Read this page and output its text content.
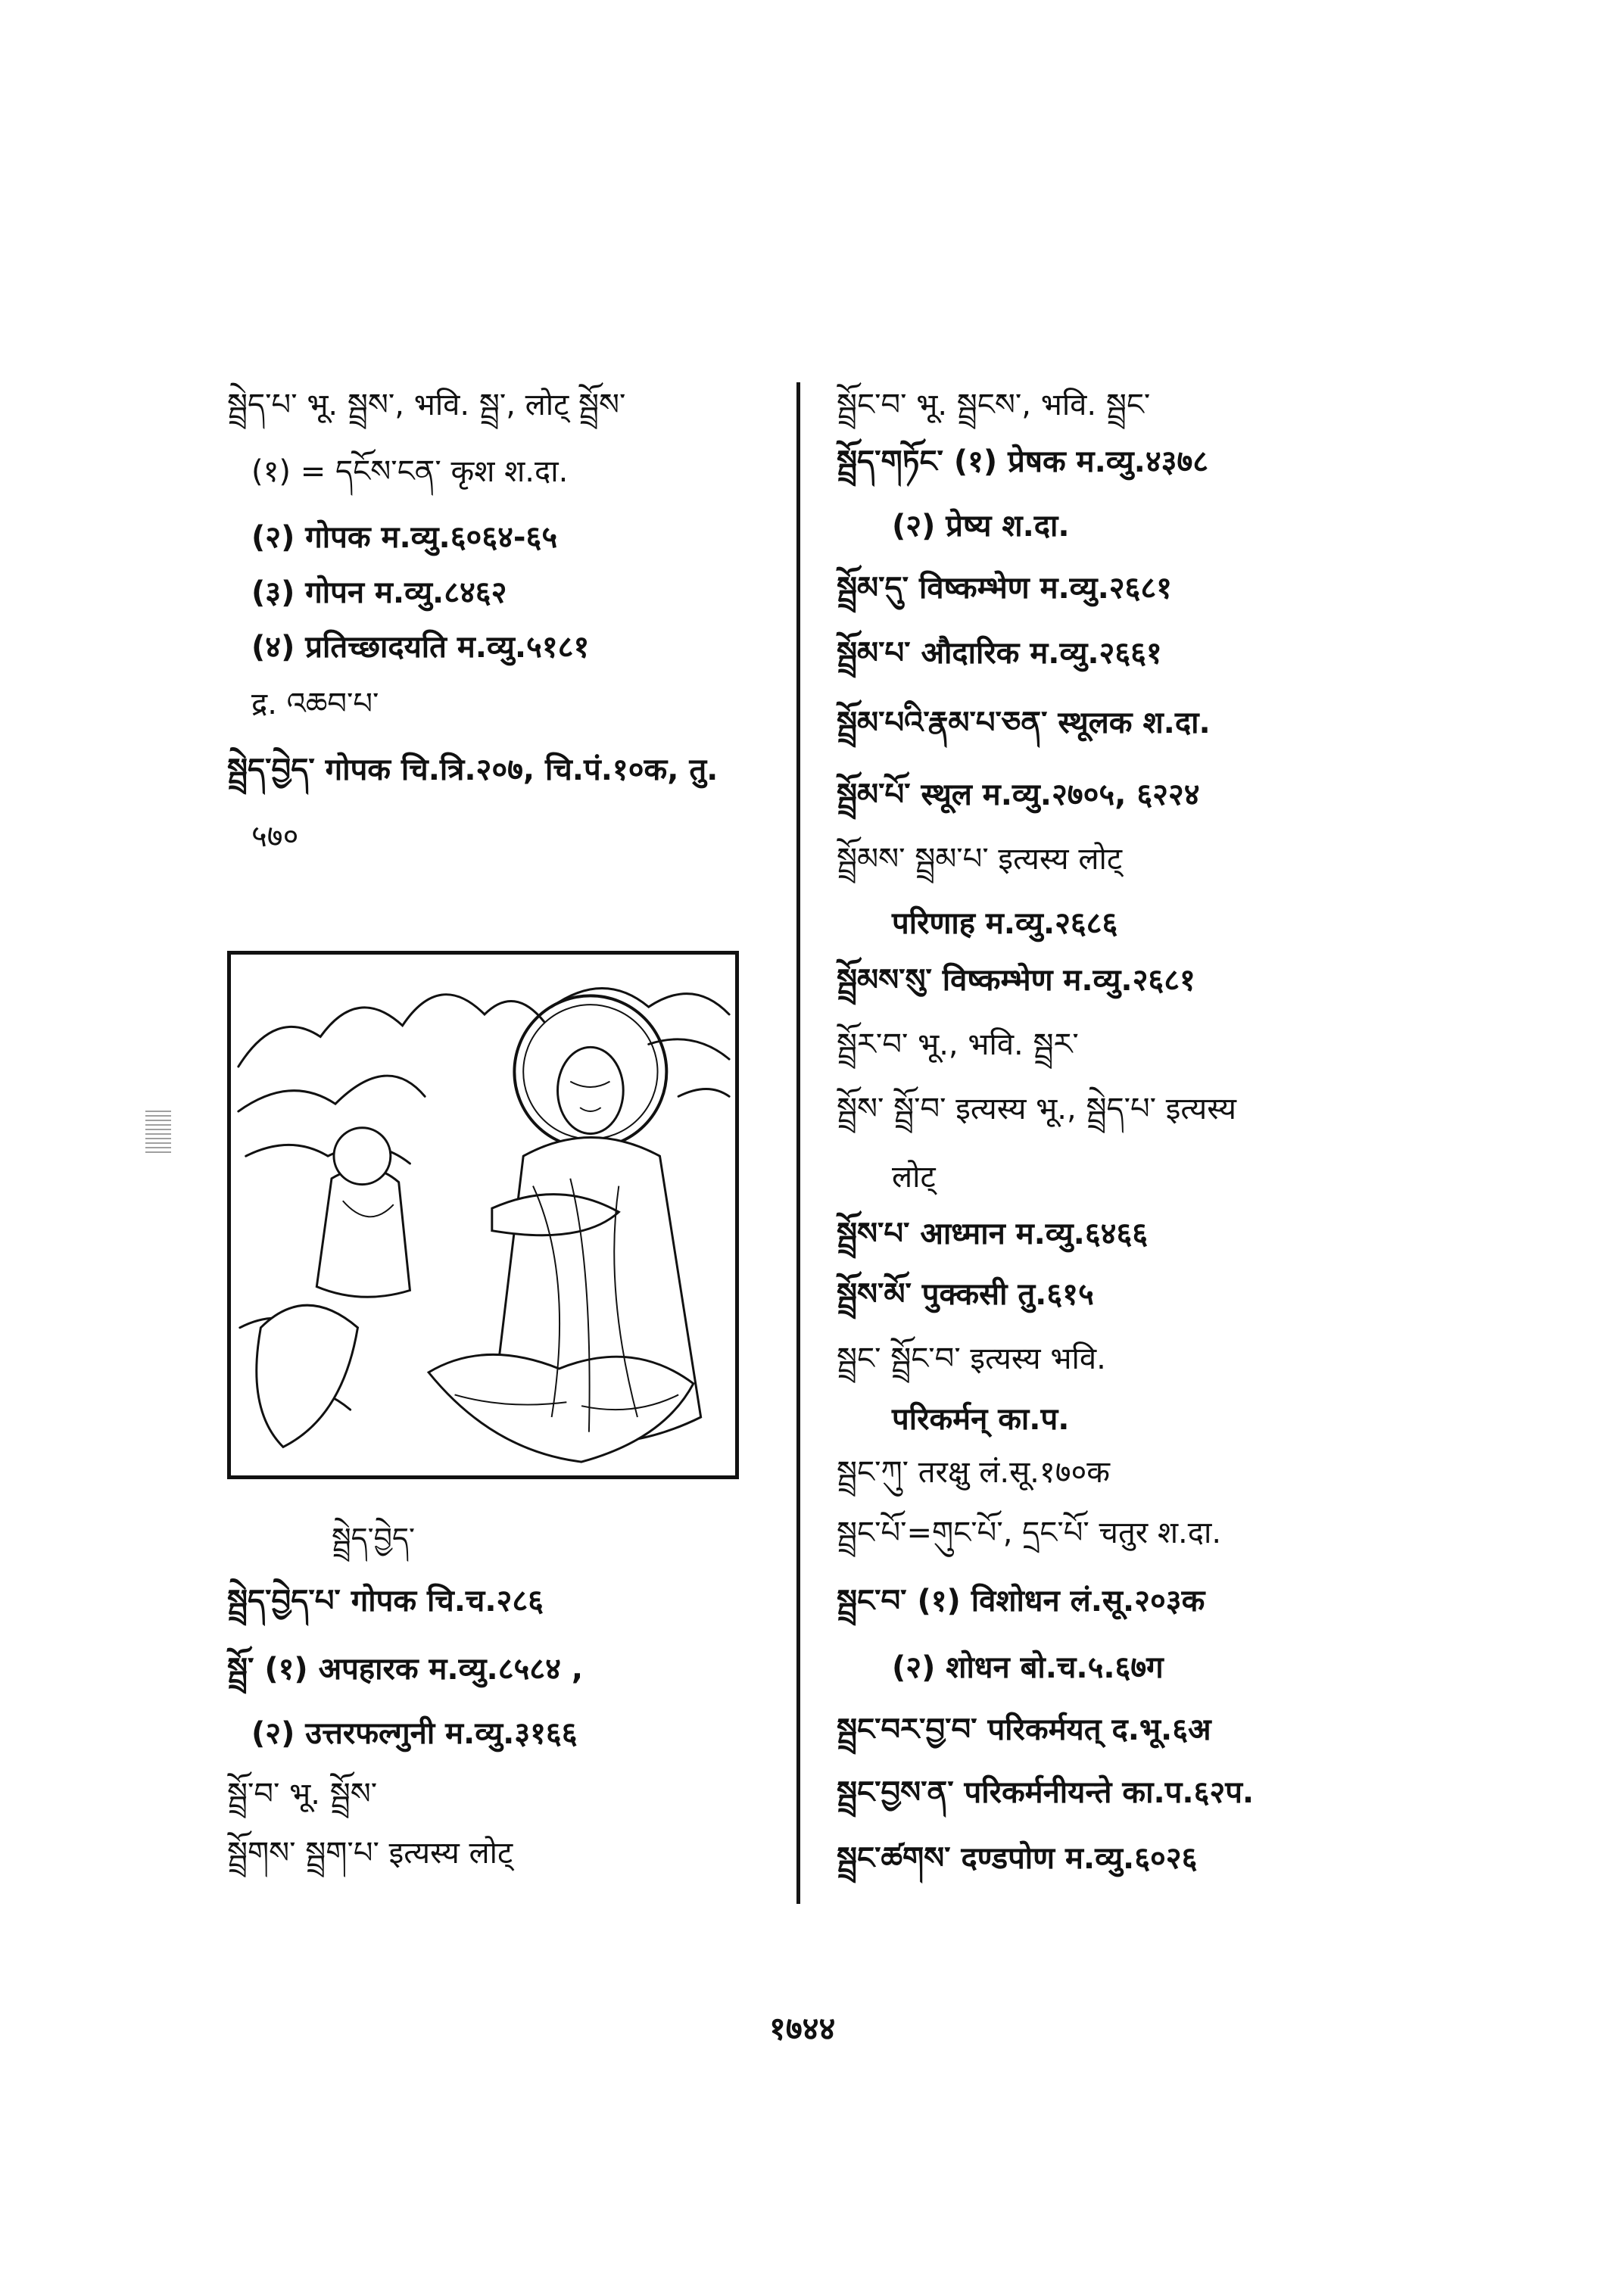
སྦྲེད་པ་ भू. སྦྲས་, भवि. སྦྲ་, लोट् སྦྲོས་
(१) = དངོས་ངན་ कृश श.दा.
(२) गोपक म.व्यु.६०६४-६५
(३) गोपन म.व्यु.८४६२
(४) प्रतिच्छादयति म.व्यु.५१८१
द्र. འཆབ་པ་
སྦྲེད་བྱེད་ गोपक चि.त्रि.२०७, चि.पं.१०क, तु.
५७०
སྦྲེད་བྱེད་
སྦྲེད་བྱེད་པ་ गोपक चि.च.२८६
སྦྲོ་ (१) अपहारक म.व्यु.८५८४ ,
(२) उत्तरफल्गुनी म.व्यु.३१६६
སྦྲོ་བ་ भू. སྦྲོས་
སྦྲོགས་ སྦྲག་པ་ इत्यस्य लोट्
སྦྲོང་བ་ भू. སྦྲངས་, भवि. སྦྲང་
སྦྲོད་གཏོང་ (१) प्रेषक म.व्यु.४३७८
(२) प्रेष्य श.दा.
སྦྲོམ་དུ་ विष्कम्भेण म.व्यु.२६८१
སྦྲོམ་པ་ औदारिक म.व्यु.२६६१
སྦྲོམ་པའི་རྣམ་པ་ཅན་ स्थूलक श.दा.
སྦྲོམ་པོ་ स्थूल म.व्यु.२७०५, ६२२४
སྦྲོམས་ སྦྲམ་པ་ इत्यस्य लोट्
परिणाह म.व्यु.२६८६
སྦྲོམས་སུ་ विष्कम्भेण म.व्यु.२६८१
སྦྲོར་བ་ भू., भवि. སྦྲར་
སྦྲོས་ སྦྲོ་བ་ इत्यस्य भू., སྦྲེད་པ་ इत्यस्य
लोट्
སྦྲོས་པ་ आध्मान म.व्यु.६४६६
སྦྲོས་མོ་ पुक्कसी तु.६१५
སྦྲང་ སྦྲོང་བ་ इत्यस्य भवि.
परिकर्मन् का.प.
སྦྲང་ཀུ་ तरक्षु लं.सू.१७०क
སྦྲང་པོ་=གུང་པོ་, དྲང་པོ་ चतुर श.दा.
སྦྲང་བ་ (१) विशोधन लं.सू.२०३क
(२) शोधन बो.च.५.६७ग
སྦྲང་བར་བྱ་བ་ परिकर्मयत् द.भू.६अ
སྦྲང་བྱས་ན་ परिकर्मनीयन्ते का.प.६२प.
སྦྲང་ཚགས་ दण्डपोण म.व्यु.६०२६
१७४४
